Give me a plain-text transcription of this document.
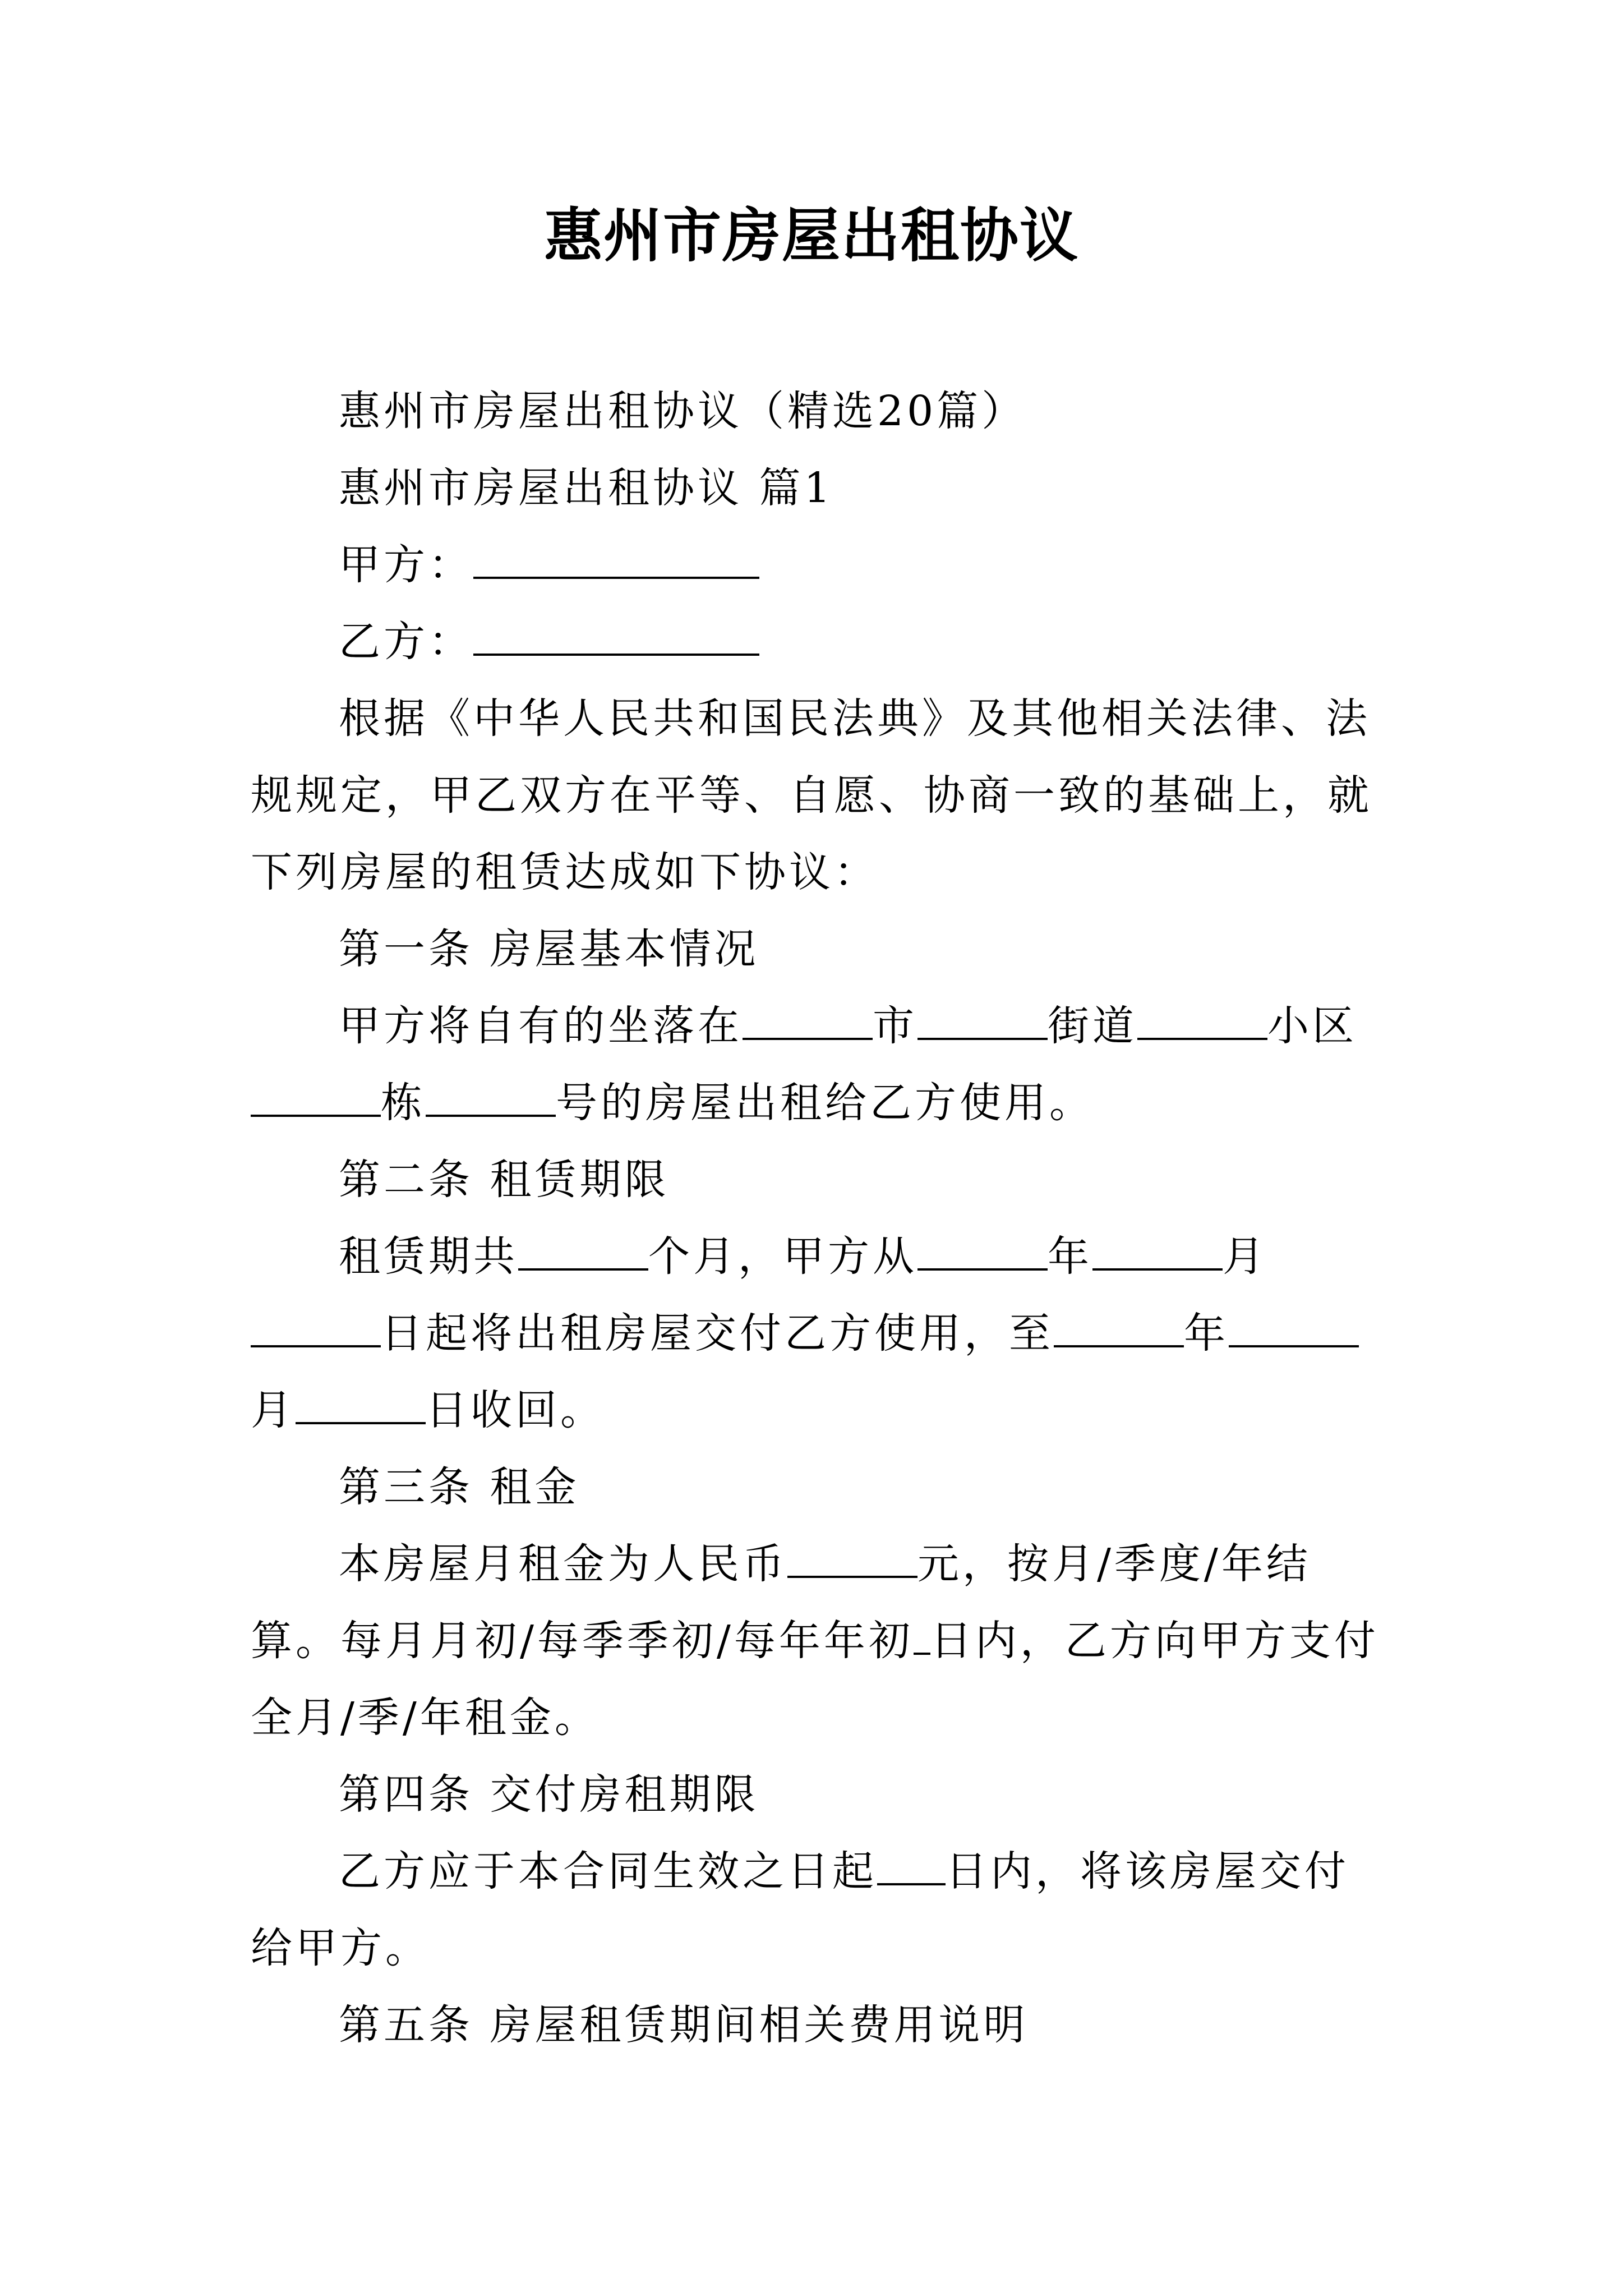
惠州市房屋出租协议

惠州市房屋出租协议（精选20篇）

惠州市房屋出租协议 篇1

甲方：

乙方：

根据《中华人民共和国民法典》及其他相关法律、法规规定，甲乙双方在平等、自愿、协商一致的基础上，就下列房屋的租赁达成如下协议：

第一条 房屋基本情况

甲方将自有的坐落在	市	街道	小区栋	号的房屋出租给乙方使用。

第二条 租赁期限

租赁期共	个月，甲方从	年	月日起将出租房屋交付乙方使用，至	年月	日收回。

第三条 租金

本房屋月租金为人民币	元，按月/季度/年结算。每月月初/每季季初/每年年初 日内，乙方向甲方支付全月/季/年租金。

第四条 交付房租期限

乙方应于本合同生效之日起 日内，将该房屋交付给甲方。

第五条 房屋租赁期间相关费用说明
